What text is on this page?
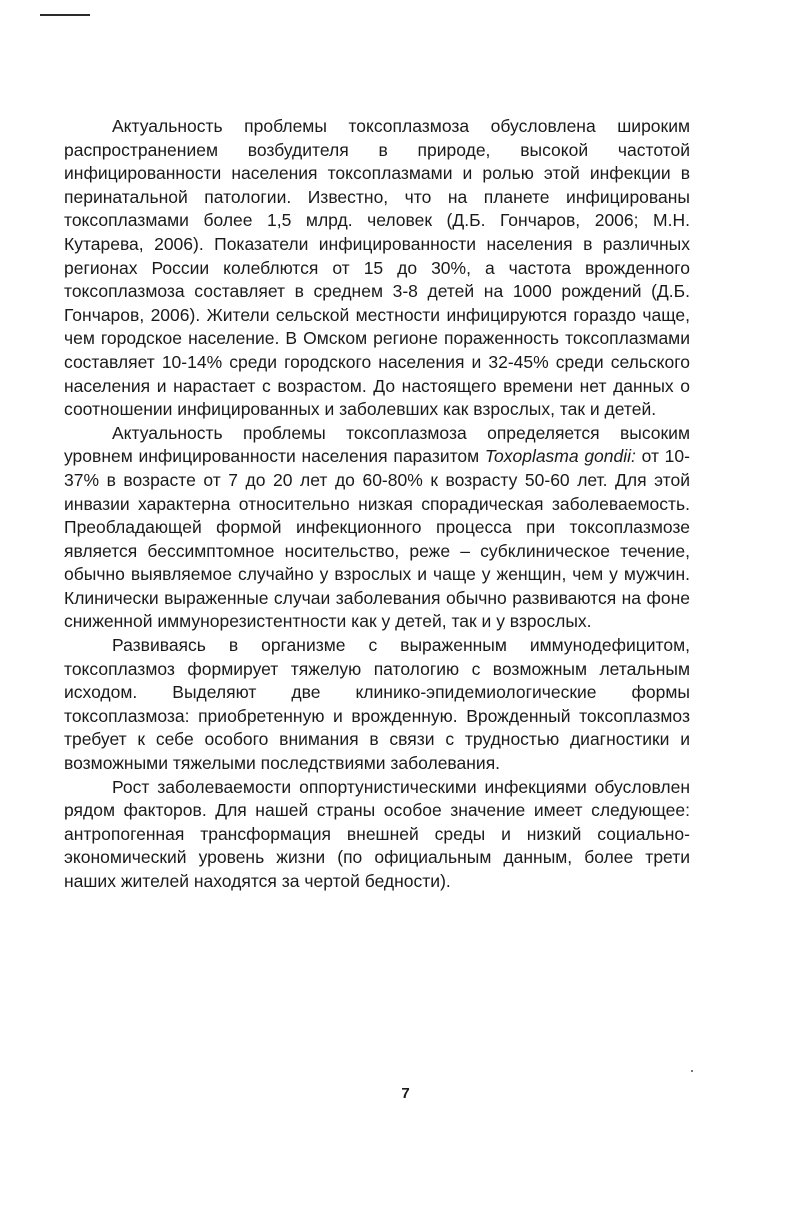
Актуальность проблемы токсоплазмоза обусловлена широким распространением возбудителя в природе, высокой частотой инфицированности населения токсоплазмами и ролью этой инфекции в перинатальной патологии. Известно, что на планете инфицированы токсоплазмами более 1,5 млрд. человек (Д.Б. Гончаров, 2006; М.Н. Кутарева, 2006). Показатели инфицированности населения в различных регионах России колеблются от 15 до 30%, а частота врожденного токсоплазмоза составляет в среднем 3-8 детей на 1000 рождений (Д.Б. Гончаров, 2006). Жители сельской местности инфицируются гораздо чаще, чем городское население. В Омском регионе пораженность токсоплазмами составляет 10-14% среди городского населения и 32-45% среди сельского населения и нарастает с возрастом. До настоящего времени нет данных о соотношении инфицированных и заболевших как взрослых, так и детей.

Актуальность проблемы токсоплазмоза определяется высоким уровнем инфицированности населения паразитом Toxoplasma gondii: от 10-37% в возрасте от 7 до 20 лет до 60-80% к возрасту 50-60 лет. Для этой инвазии характерна относительно низкая спорадическая заболеваемость. Преобладающей формой инфекционного процесса при токсоплазмозе является бессимптомное носительство, реже – субклиническое течение, обычно выявляемое случайно у взрослых и чаще у женщин, чем у мужчин. Клинически выраженные случаи заболевания обычно развиваются на фоне сниженной иммунорезистентности как у детей, так и у взрослых.

Развиваясь в организме с выраженным иммунодефицитом, токсоплазмоз формирует тяжелую патологию с возможным летальным исходом. Выделяют две клинико-эпидемиологические формы токсоплазмоза: приобретенную и врожденную. Врожденный токсоплазмоз требует к себе особого внимания в связи с трудностью диагностики и возможными тяжелыми последствиями заболевания.

Рост заболеваемости оппортунистическими инфекциями обусловлен рядом факторов. Для нашей страны особое значение имеет следующее: антропогенная трансформация внешней среды и низкий социально-экономический уровень жизни (по официальным данным, более трети наших жителей находятся за чертой бедности).

7
